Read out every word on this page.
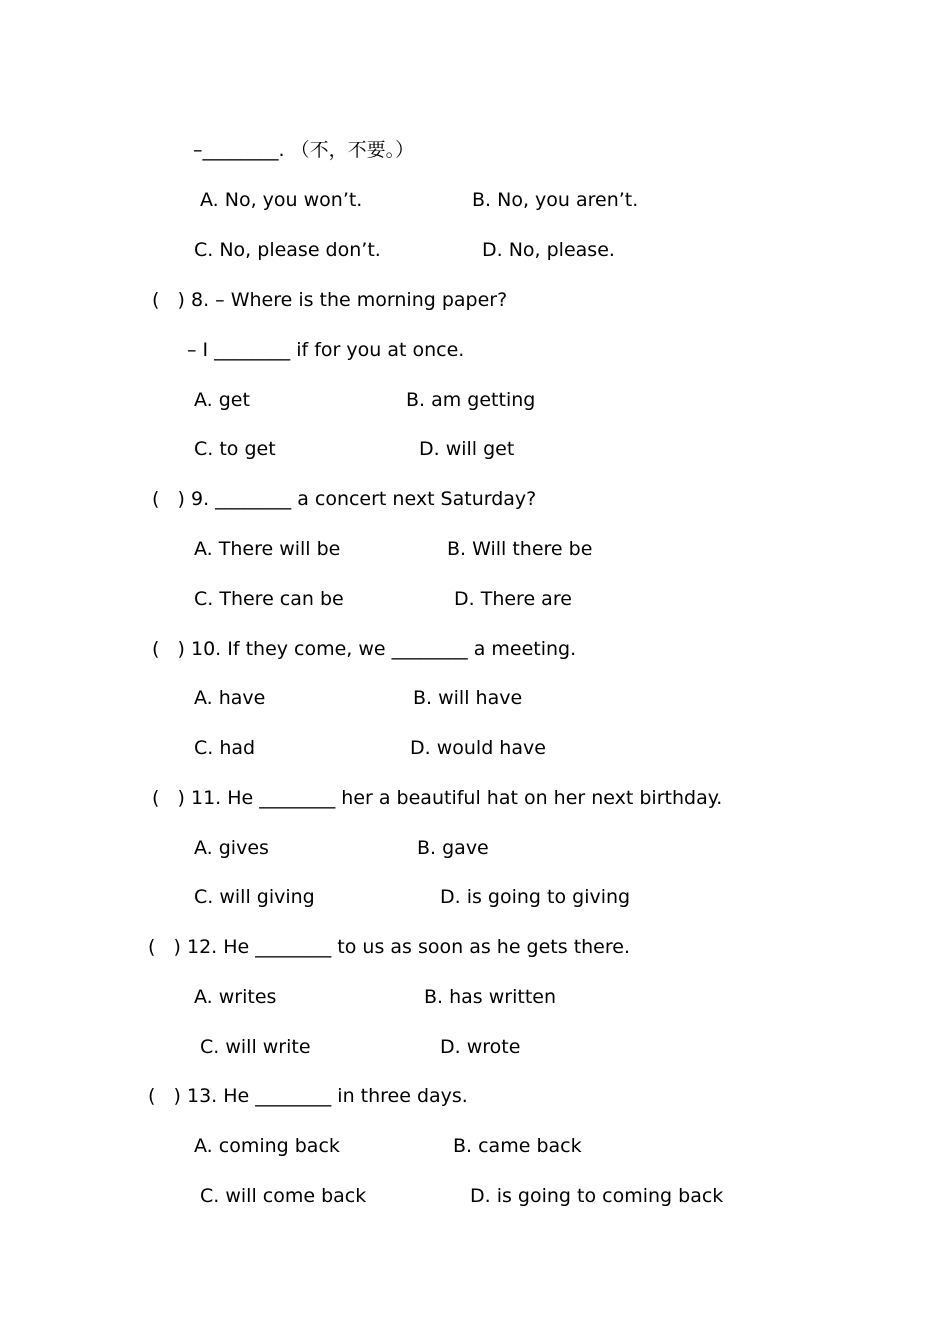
–________. （不，不要。）
A. No, you won’t.	B. No, you aren’t.
C. No, please don’t.	D. No, please.
(   ) 8. – Where is the morning paper?
– I ________ if for you at once.
A. get	B. am getting
C. to get	D. will get
(   ) 9. ________ a concert next Saturday?
A. There will be	B. Will there be
C. There can be	D. There are
(   ) 10. If they come, we ________ a meeting.
A. have	B. will have
C. had	D. would have
(   ) 11. He ________ her a beautiful hat on her next birthday.
A. gives	B. gave
C. will giving	D. is going to giving
(   ) 12. He ________ to us as soon as he gets there.
A. writes	B. has written
C. will write	D. wrote
(   ) 13. He ________ in three days.
A. coming back	B. came back
C. will come back	D. is going to coming back
